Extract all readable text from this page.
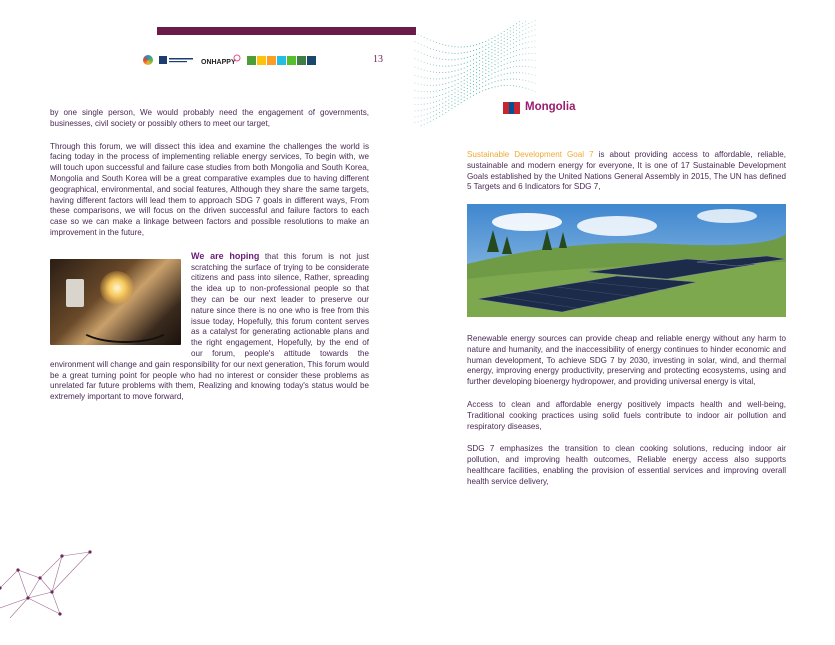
ONHAPPY	13

by one single person, We would probably need the engagement of governments, businesses, civil society or possibly others to meet our target,

Through this forum, we will dissect this idea and examine the challenges the world is facing today in the process of implementing reliable energy services, To begin with, we will touch upon successful and failure case studies from both Mongolia and South Korea, Mongolia and South Korea will be a great comparative examples due to having different geographical, environmental, and social features, Although they share the same targets, having different factors will lead them to approach SDG 7 goals in different ways, From these comparisons, we will focus on the driven successful and failure factors to each case so we can make a linkage between factors and possible resolutions to make an improvement in the future,

We are hoping that this forum is not just scratching the surface of trying to be considerate citizens and pass into silence, Rather, spreading the idea up to non-professional people so that they can be our next leader to preserve our nature since there is no one who is free from this issue today, Hopefully, this forum content serves as a catalyst for generating actionable plans and the right engagement, Hopefully, by the end of our forum, people's attitude towards the environment will change and gain responsibility for our next generation, This forum would be a great turning point for people who had no interest or consider these problems as unrelated far future problems with them, Realizing and knowing today's status would be extremely important to move forward,

Mongolia

Sustainable Development Goal 7 is about providing access to affordable, reliable, sustainable and modern energy for everyone, It is one of 17 Sustainable Development Goals established by the United Nations General Assembly in 2015, The UN has defined 5 Targets and 6 Indicators for SDG 7,

Renewable energy sources can provide cheap and reliable energy without any harm to nature and humanity, and the inaccessibility of energy continues to hinder economic and human development, To achieve SDG 7 by 2030, investing in solar, wind, and thermal energy, improving energy productivity, preserving and protecting ecosystems, using and further developing bioenergy hydropower, and providing universal energy is vital,

Access to clean and affordable energy positively impacts health and well-being, Traditional cooking practices using solid fuels contribute to indoor air pollution and respiratory diseases,

SDG 7 emphasizes the transition to clean cooking solutions, reducing indoor air pollution, and improving health outcomes, Reliable energy access also supports healthcare facilities, enabling the provision of essential services and improving overall health service delivery,
